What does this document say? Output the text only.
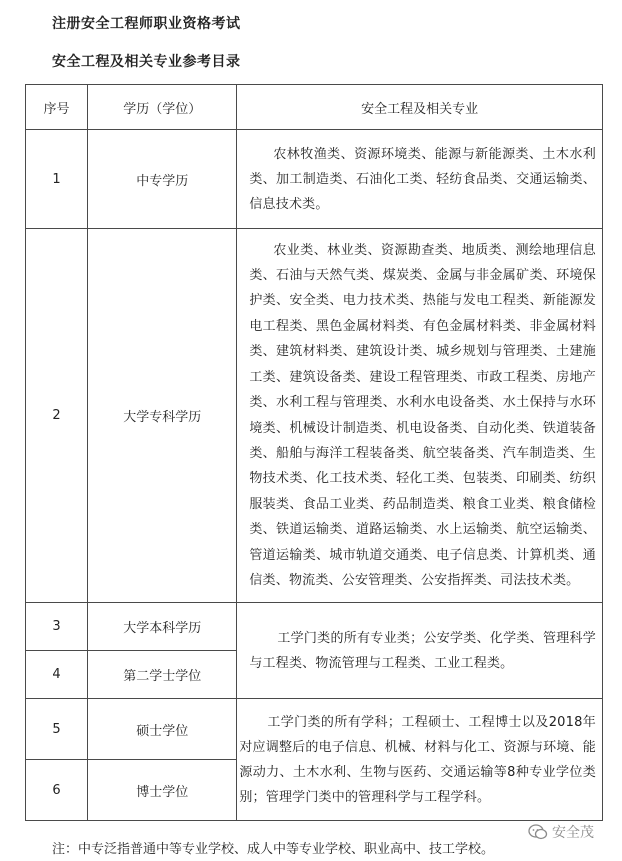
注册安全工程师职业资格考试
安全工程及相关专业参考目录
序号	学历（学位）	安全工程及相关专业
1	中专学历	农林牧渔类、资源环境类、能源与新能源类、土木水利类、加工制造类、石油化工类、轻纺食品类、交通运输类、信息技术类。

2	大学专科学历	农业类、林业类、资源勘查类、地质类、测绘地理信息类、石油与天然气类、煤炭类、金属与非金属矿类、环境保护类、安全类、电力技术类、热能与发电工程类、新能源发电工程类、黑色金属材料类、有色金属材料类、非金属材料类、建筑材料类、建筑设计类、城乡规划与管理类、土建施工类、建筑设备类、建设工程管理类、市政工程类、房地产类、水利工程与管理类、水利水电设备类、水土保持与水环境类、机械设计制造类、机电设备类、自动化类、铁道装备类、船舶与海洋工程装备类、航空装备类、汽车制造类、生物技术类、化工技术类、轻化工类、包装类、印刷类、纺织服装类、食品工业类、药品制造类、粮食工业类、粮食储检类、铁道运输类、道路运输类、水上运输类、航空运输类、管道运输类、城市轨道交通类、电子信息类、计算机类、通信类、物流类、公安管理类、公安指挥类、司法技术类。

3	大学本科学历	工学门类的所有专业类；公安学类、化学类、管理科学与工程类、物流管理与工程类、工业工程类。

4	第二学士学位	
5	硕士学位	工学门类的所有学科；工程硕士、工程博士以及2018年对应调整后的电子信息、机械、材料与化工、资源与环境、能源动力、土木水利、生物与医药、交通运输等8种专业学位类别；管理学门类中的管理科学与工程学科。

6	博士学位	
安全茂
注：中专泛指普通中等专业学校、成人中等专业学校、职业高中、技工学校。
